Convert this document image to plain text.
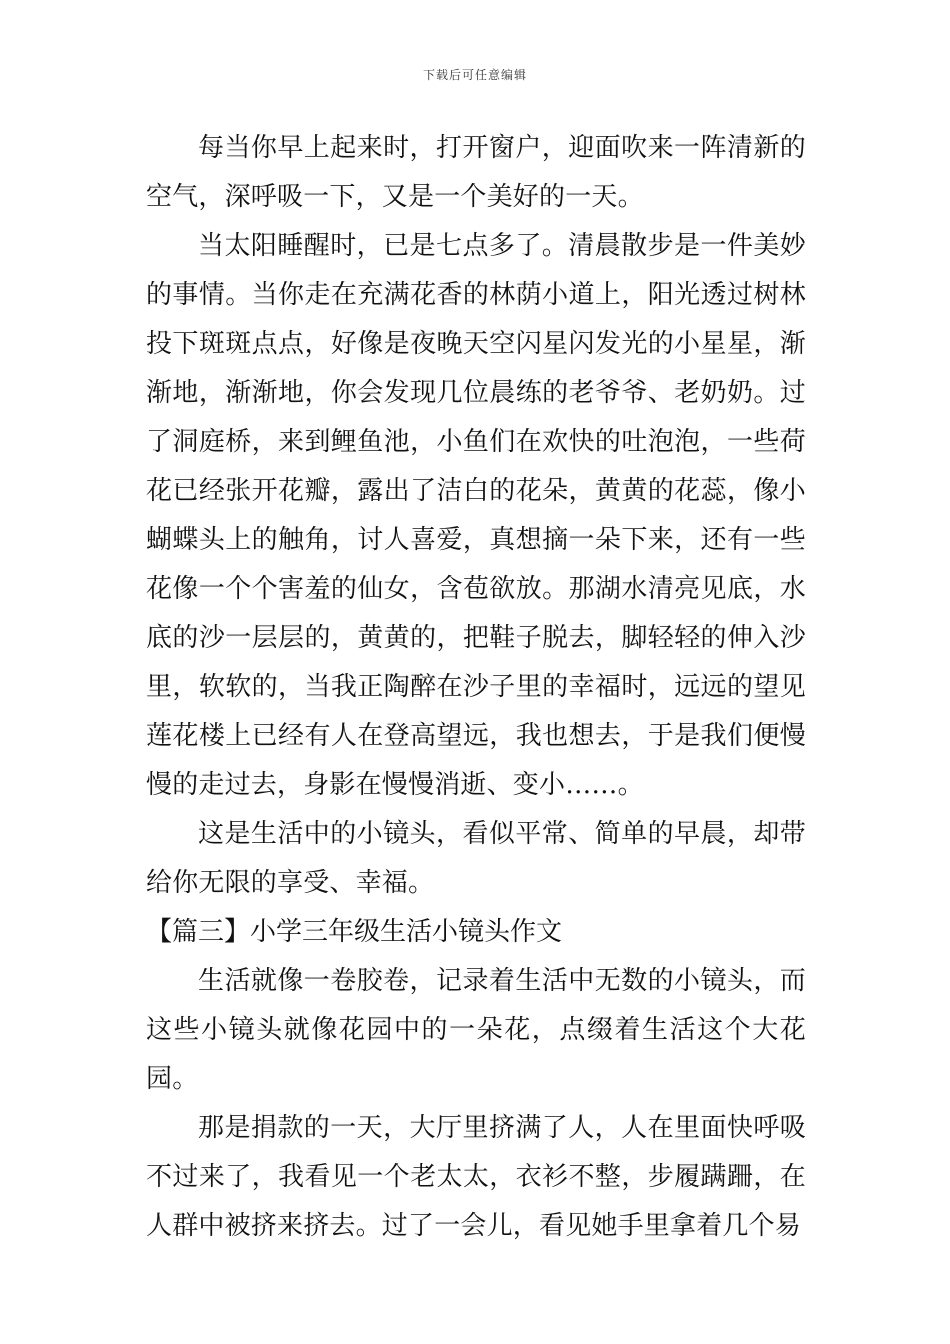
下载后可任意编辑

每当你早上起来时，打开窗户，迎面吹来一阵清新的空气，深呼吸一下，又是一个美好的一天。

当太阳睡醒时，已是七点多了。清晨散步是一件美妙的事情。当你走在充满花香的林荫小道上，阳光透过树林投下斑斑点点，好像是夜晚天空闪星闪发光的小星星，渐渐地，渐渐地，你会发现几位晨练的老爷爷、老奶奶。过了洞庭桥，来到鲤鱼池，小鱼们在欢快的吐泡泡，一些荷花已经张开花瓣，露出了洁白的花朵，黄黄的花蕊，像小蝴蝶头上的触角，讨人喜爱，真想摘一朵下来，还有一些花像一个个害羞的仙女，含苞欲放。那湖水清亮见底，水底的沙一层层的，黄黄的，把鞋子脱去，脚轻轻的伸入沙里，软软的，当我正陶醉在沙子里的幸福时，远远的望见莲花楼上已经有人在登高望远，我也想去，于是我们便慢慢的走过去，身影在慢慢消逝、变小……。

这是生活中的小镜头，看似平常、简单的早晨，却带给你无限的享受、幸福。

【篇三】小学三年级生活小镜头作文

生活就像一卷胶卷，记录着生活中无数的小镜头，而这些小镜头就像花园中的一朵花，点缀着生活这个大花园。

那是捐款的一天，大厅里挤满了人，人在里面快呼吸不过来了，我看见一个老太太，衣衫不整，步履蹒跚，在人群中被挤来挤去。过了一会儿，看见她手里拿着几个易
